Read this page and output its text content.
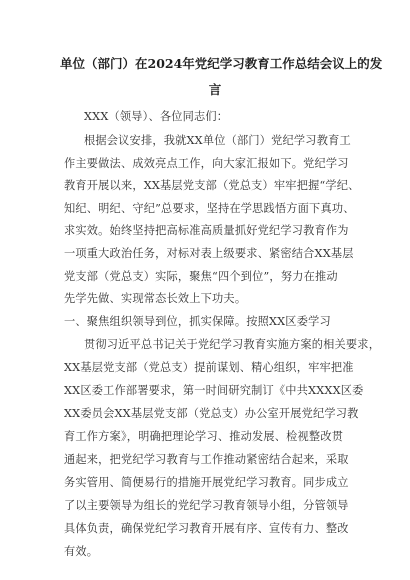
单位（部门）在2024年党纪学习教育工作总结会议上的发
言
XXX（领导）、各位同志们：
根据会议安排，我就XX单位（部门）党纪学习教育工
作主要做法、成效亮点工作，向大家汇报如下。党纪学习
教育开展以来，XX基层党支部（党总支）牢牢把握“学纪、
知纪、明纪、守纪”总要求，坚持在学思践悟方面下真功、
求实效。始终坚持把高标准高质量抓好党纪学习教育作为
一项重大政治任务，对标对表上级要求、紧密结合XX基层
党支部（党总支）实际，聚焦“四个到位”，努力在推动
先学先做、实现常态长效上下功夫。
一、聚焦组织领导到位，抓实保障。按照XX区委学习
贯彻习近平总书记关于党纪学习教育实施方案的相关要求，
XX基层党支部（党总支）提前谋划、精心组织，牢牢把准
XX区委工作部署要求，第一时间研究制订《中共XXXX区委
XX委员会XX基层党支部（党总支）办公室开展党纪学习教
育工作方案》，明确把理论学习、推动发展、检视整改贯
通起来，把党纪学习教育与工作推动紧密结合起来，采取
务实管用、简便易行的措施开展党纪学习教育。同步成立
了以主要领导为组长的党纪学习教育领导小组，分管领导
具体负责，确保党纪学习教育开展有序、宣传有力、整改
有效。
